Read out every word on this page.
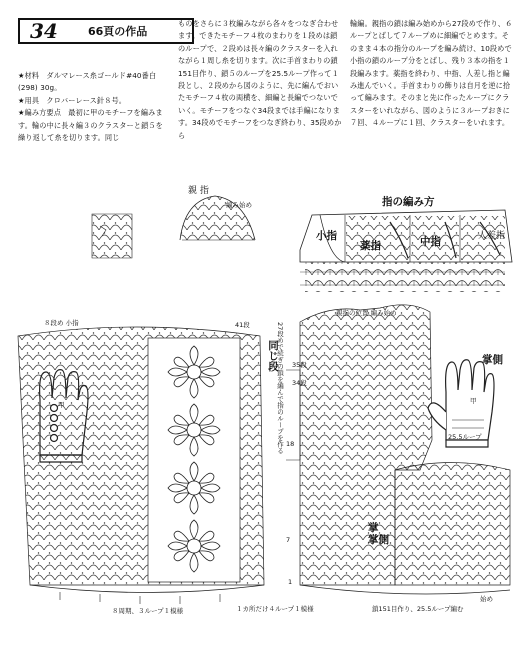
34	66頁の作品

★材料　ダルマレース糸ゴールド#40番白(298) 30g。

★用具　クロバーレース針８号。

★編み方要点　最初に甲のモチーフを編みます。輪の中に長々編３のクラスターと鎖５を繰り返して糸を切ります。同じ

ものをさらに３枚編みながら各々をつなぎ合わせます。できたモチーフ４枚のまわりを１段めは鎖のループで、２段めは長々編のクラスターを入れながら１周し糸を切ります。次に手首まわりの鎖151目作り、鎖５のループを25.5ループ作って１段とし、２段めから図のように、先に編んでおいたモチーフ４枚の両横を、細編と長編でつないでいく。モチーフをつなぐ34段までは手編になります。34段めでモチーフをつなぎ終わり、35段めから

輪編。親指の鎖は編み始めから27段めで作り、６ループとばして７ループめに細編でとめます。そのまま４本の指分のループを編み続け、10段めで小指の鎖のループ分をとばし、残り３本の指を１段編みます。薬指を終わり、中指、人差し指と編み進んでいく。手首まわりの飾りは自月を逆に拾って編みます。そのまと先に作ったループにクラスターをいれながら、図のように３ループおきに７回、４ループに１回、クラスターをいれます。

親 指
編み始め	指の編み方
小指
薬指	中指	人差指
８段め 小指	41段
同じ段
27段めで続ぎの鎖を編んで指のループを作る
甲
親指の位置 編み始め
掌側
甲
25.5ループ
掌
掌側
34段
35段
18
7
1
８周期、３ループ１模様	１カ所だけ４ループ１模様	鎖151目作り、25.5ループ編む
始め
